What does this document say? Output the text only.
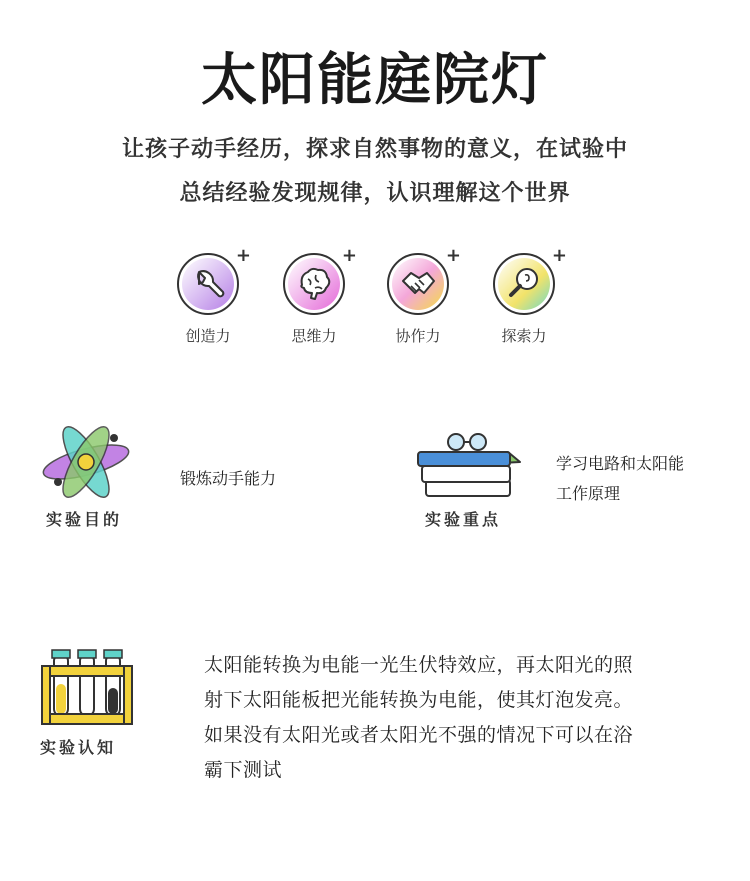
太阳能庭院灯
让孩子动手经历，探求自然事物的意义，在试验中
总结经验发现规律，认识理解这个世界
+
创造力
+
思维力
+
协作力
+
探索力
实验目的
锻炼动手能力
实验重点
学习电路和太阳能
工作原理
实验认知
太阳能转换为电能一光生伏特效应，再太阳光的照
射下太阳能板把光能转换为电能，使其灯泡发亮。
如果没有太阳光或者太阳光不强的情况下可以在浴
霸下测试
